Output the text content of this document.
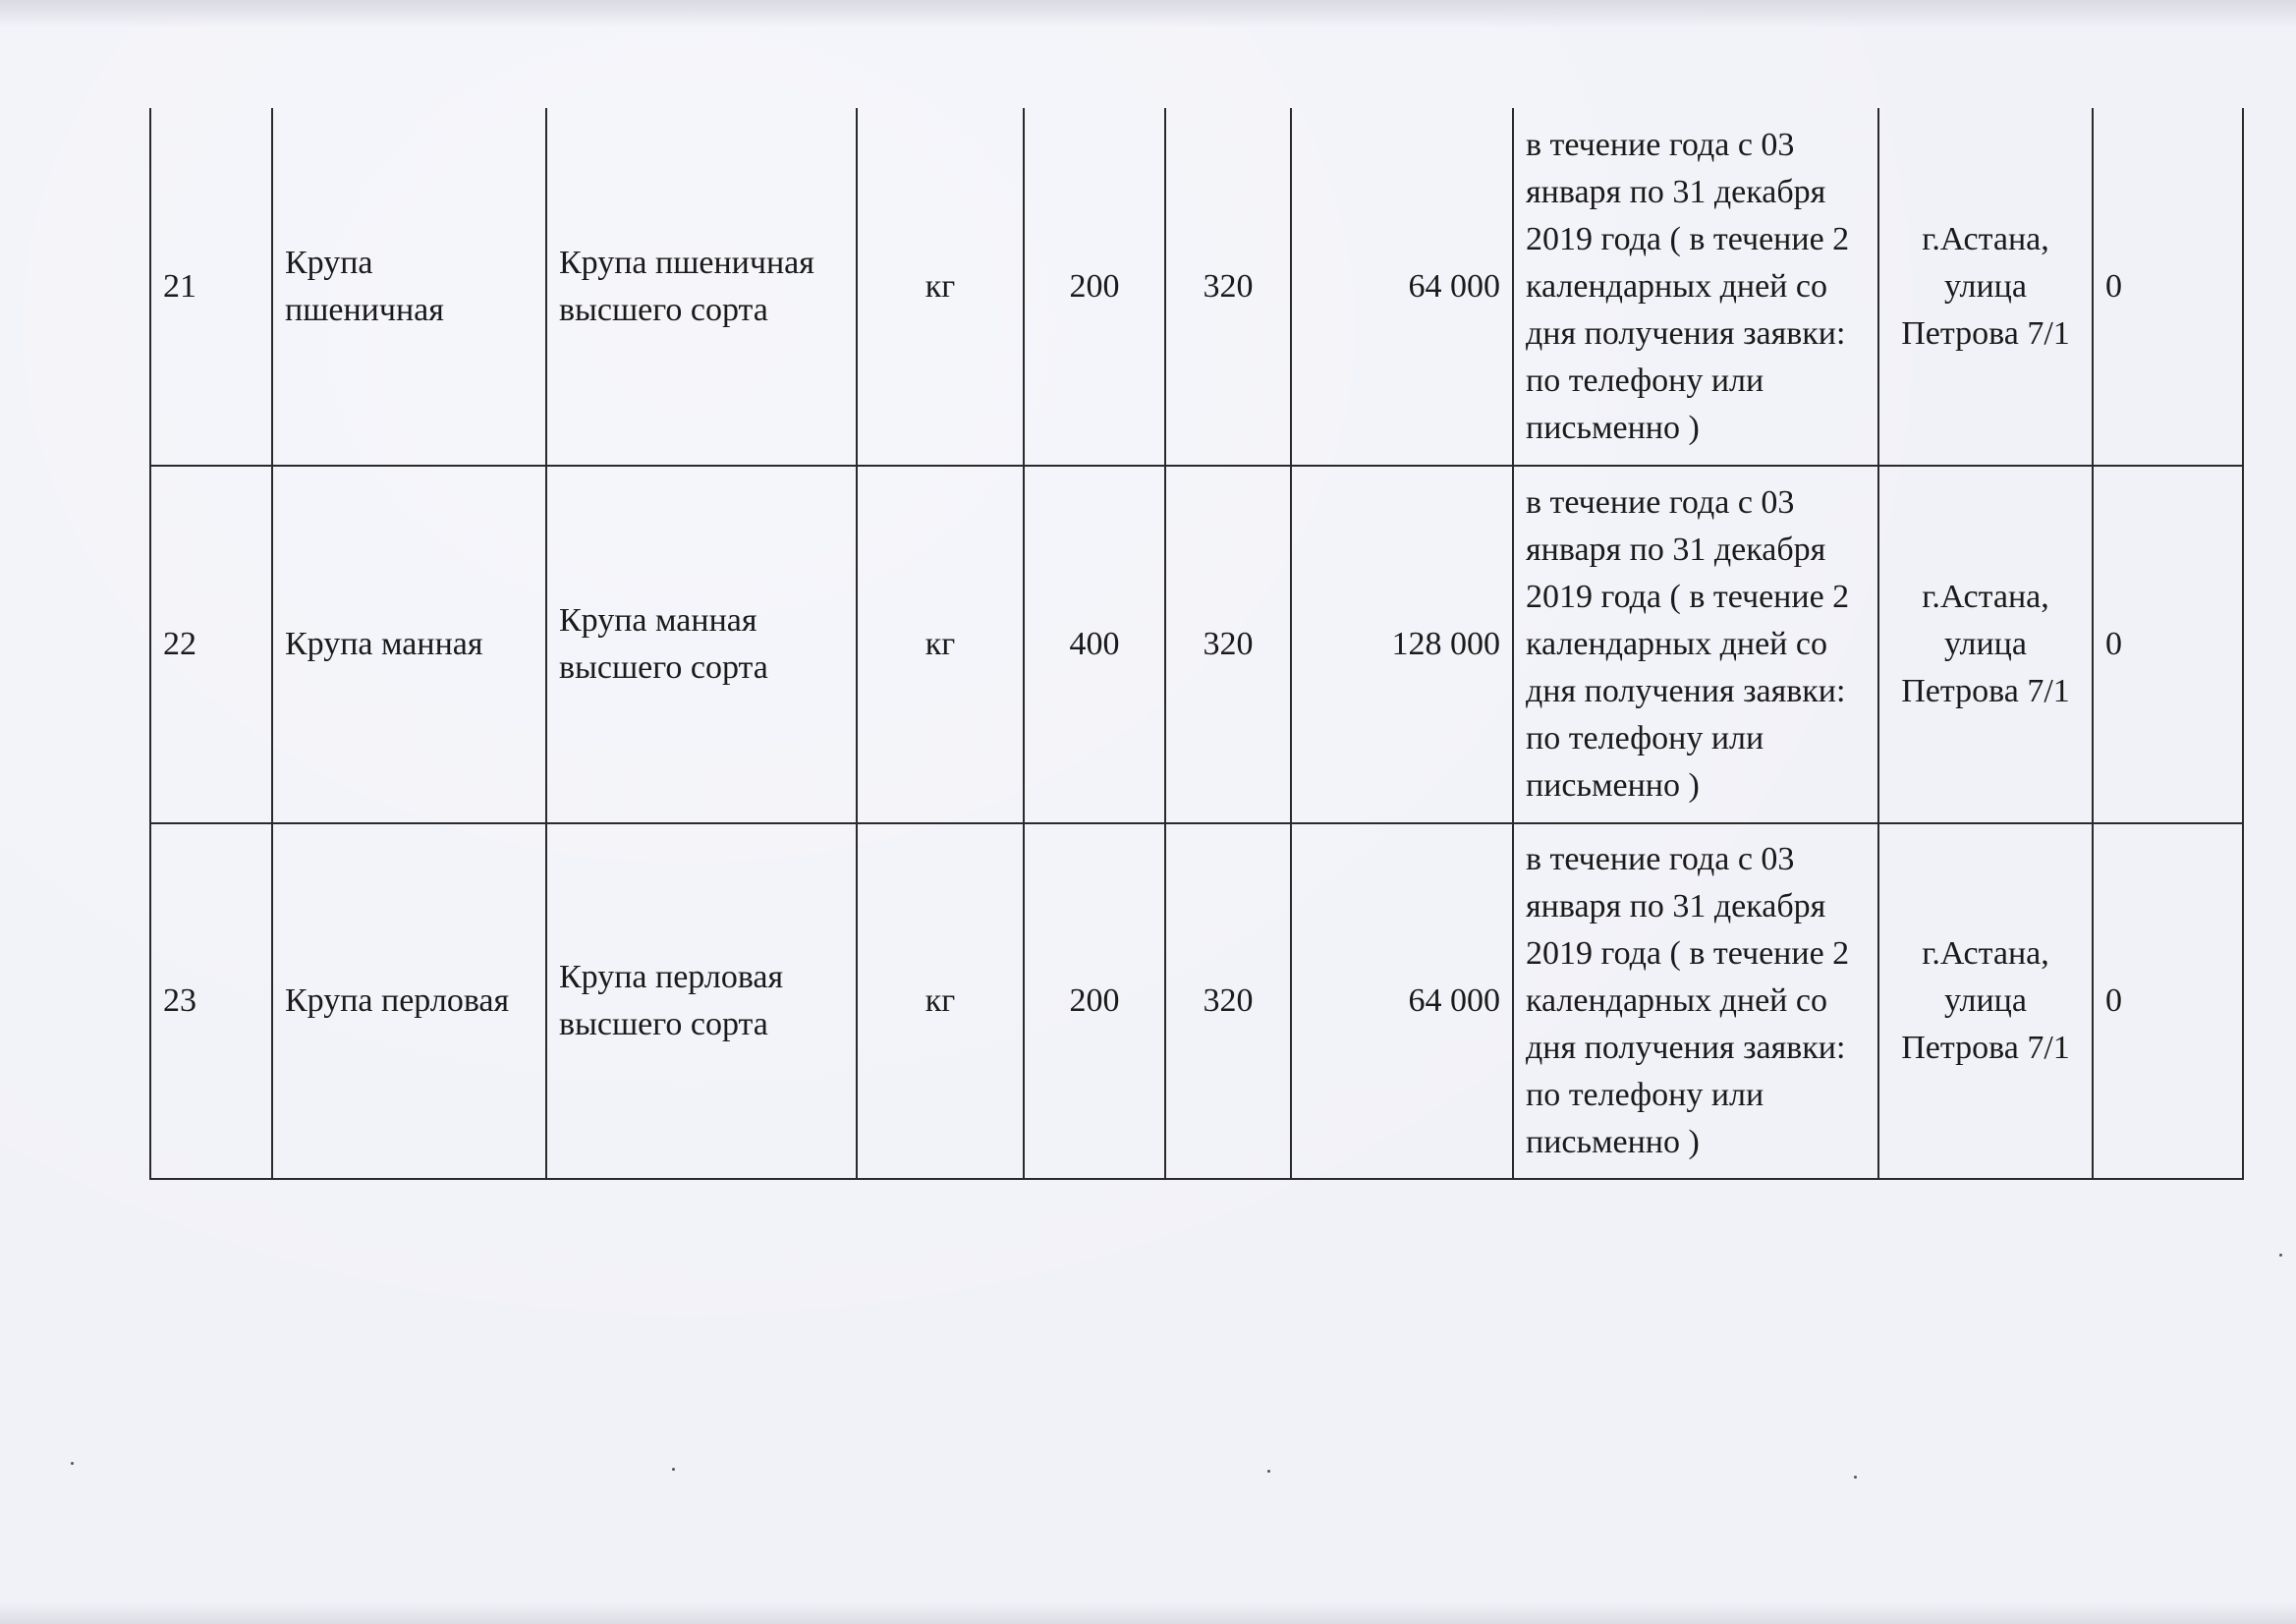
21	Крупа пшеничная	Крупа пшеничная высшего сорта	кг	200	320	64 000	в течение года с 03 января по 31 декабря 2019 года ( в течение 2 календарных дней со дня получения заявки: по телефону или письменно )	г.Астана, улица Петрова 7/1	0
22	Крупа манная	Крупа манная высшего сорта	кг	400	320	128 000	в течение года с 03 января по 31 декабря 2019 года ( в течение 2 календарных дней со дня получения заявки: по телефону или письменно )	г.Астана, улица Петрова 7/1	0
23	Крупа перловая	Крупа перловая высшего сорта	кг	200	320	64 000	в течение года с 03 января по 31 декабря 2019 года ( в течение 2 календарных дней со дня получения заявки: по телефону или письменно )	г.Астана, улица Петрова 7/1	0
